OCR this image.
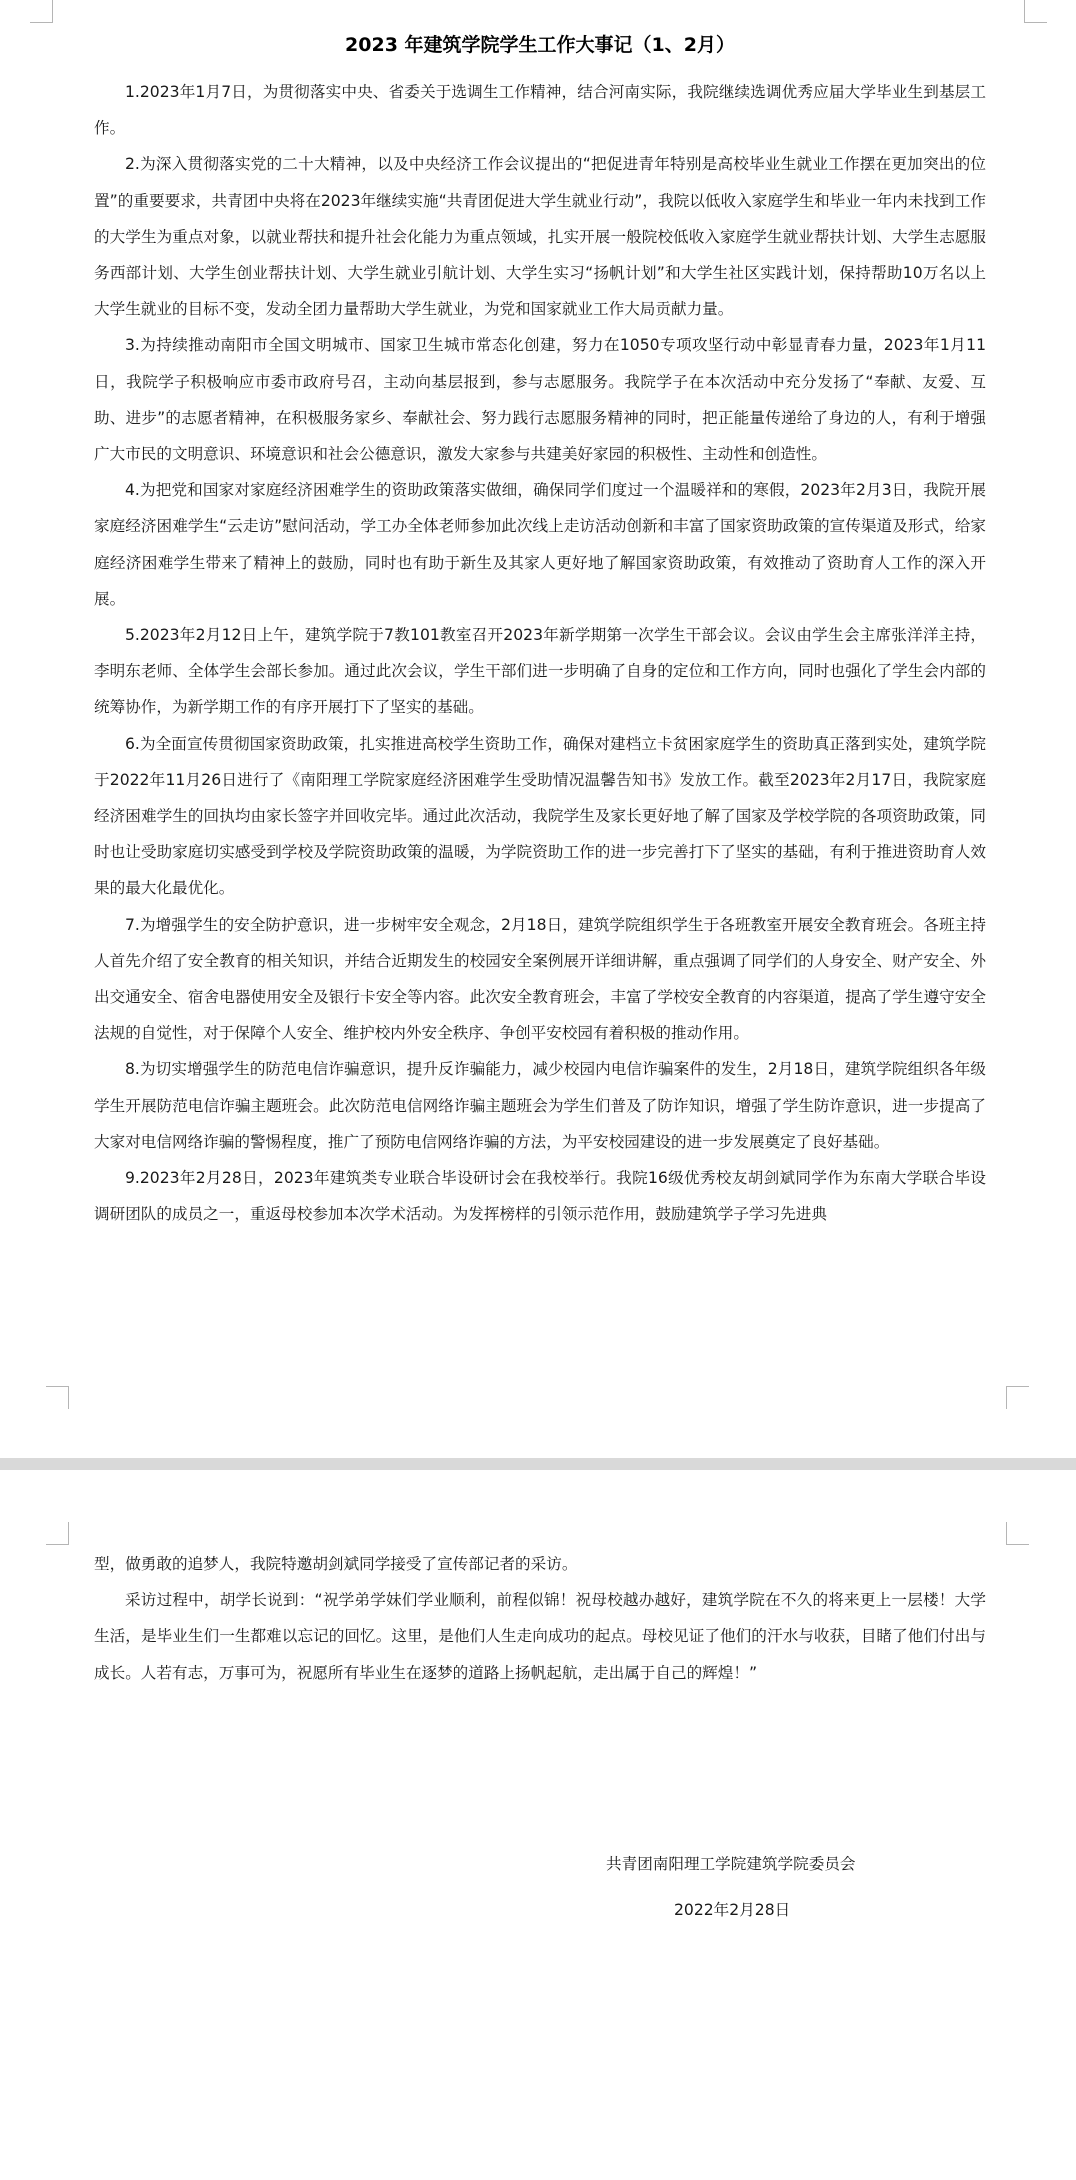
2023 年建筑学院学生工作大事记（1、2月）

1.2023年1月7日，为贯彻落实中央、省委关于选调生工作精神，结合河南实际，我院继续选调优秀应届大学毕业生到基层工作。

2.为深入贯彻落实党的二十大精神，以及中央经济工作会议提出的“把促进青年特别是高校毕业生就业工作摆在更加突出的位置”的重要要求，共青团中央将在2023年继续实施“共青团促进大学生就业行动”，我院以低收入家庭学生和毕业一年内未找到工作的大学生为重点对象，以就业帮扶和提升社会化能力为重点领域，扎实开展一般院校低收入家庭学生就业帮扶计划、大学生志愿服务西部计划、大学生创业帮扶计划、大学生就业引航计划、大学生实习“扬帆计划”和大学生社区实践计划，保持帮助10万名以上大学生就业的目标不变，发动全团力量帮助大学生就业，为党和国家就业工作大局贡献力量。

3.为持续推动南阳市全国文明城市、国家卫生城市常态化创建，努力在1050专项攻坚行动中彰显青春力量，2023年1月11日，我院学子积极响应市委市政府号召，主动向基层报到，参与志愿服务。我院学子在本次活动中充分发扬了“奉献、友爱、互助、进步”的志愿者精神，在积极服务家乡、奉献社会、努力践行志愿服务精神的同时，把正能量传递给了身边的人，有利于增强广大市民的文明意识、环境意识和社会公德意识，激发大家参与共建美好家园的积极性、主动性和创造性。

4.为把党和国家对家庭经济困难学生的资助政策落实做细，确保同学们度过一个温暖祥和的寒假，2023年2月3日，我院开展家庭经济困难学生“云走访”慰问活动，学工办全体老师参加此次线上走访活动创新和丰富了国家资助政策的宣传渠道及形式，给家庭经济困难学生带来了精神上的鼓励，同时也有助于新生及其家人更好地了解国家资助政策，有效推动了资助育人工作的深入开展。

5.2023年2月12日上午，建筑学院于7教101教室召开2023年新学期第一次学生干部会议。会议由学生会主席张洋洋主持，李明东老师、全体学生会部长参加。通过此次会议，学生干部们进一步明确了自身的定位和工作方向，同时也强化了学生会内部的统筹协作，为新学期工作的有序开展打下了坚实的基础。

6.为全面宣传贯彻国家资助政策，扎实推进高校学生资助工作，确保对建档立卡贫困家庭学生的资助真正落到实处，建筑学院于2022年11月26日进行了《南阳理工学院家庭经济困难学生受助情况温馨告知书》发放工作。截至2023年2月17日，我院家庭经济困难学生的回执均由家长签字并回收完毕。通过此次活动，我院学生及家长更好地了解了国家及学校学院的各项资助政策，同时也让受助家庭切实感受到学校及学院资助政策的温暖，为学院资助工作的进一步完善打下了坚实的基础，有利于推进资助育人效果的最大化最优化。

7.为增强学生的安全防护意识，进一步树牢安全观念，2月18日，建筑学院组织学生于各班教室开展安全教育班会。各班主持人首先介绍了安全教育的相关知识，并结合近期发生的校园安全案例展开详细讲解，重点强调了同学们的人身安全、财产安全、外出交通安全、宿舍电器使用安全及银行卡安全等内容。此次安全教育班会，丰富了学校安全教育的内容渠道，提高了学生遵守安全法规的自觉性，对于保障个人安全、维护校内外安全秩序、争创平安校园有着积极的推动作用。

8.为切实增强学生的防范电信诈骗意识，提升反诈骗能力，减少校园内电信诈骗案件的发生，2月18日，建筑学院组织各年级学生开展防范电信诈骗主题班会。此次防范电信网络诈骗主题班会为学生们普及了防诈知识，增强了学生防诈意识，进一步提高了大家对电信网络诈骗的警惕程度，推广了预防电信网络诈骗的方法，为平安校园建设的进一步发展奠定了良好基础。

9.2023年2月28日，2023年建筑类专业联合毕设研讨会在我校举行。我院16级优秀校友胡剑斌同学作为东南大学联合毕设调研团队的成员之一，重返母校参加本次学术活动。为发挥榜样的引领示范作用，鼓励建筑学子学习先进典

型，做勇敢的追梦人，我院特邀胡剑斌同学接受了宣传部记者的采访。

采访过程中，胡学长说到：“祝学弟学妹们学业顺利，前程似锦！祝母校越办越好，建筑学院在不久的将来更上一层楼！大学生活，是毕业生们一生都难以忘记的回忆。这里，是他们人生走向成功的起点。母校见证了他们的汗水与收获，目睹了他们付出与成长。人若有志，万事可为，祝愿所有毕业生在逐梦的道路上扬帆起航，走出属于自己的辉煌！”

共青团南阳理工学院建筑学院委员会
2022年2月28日
